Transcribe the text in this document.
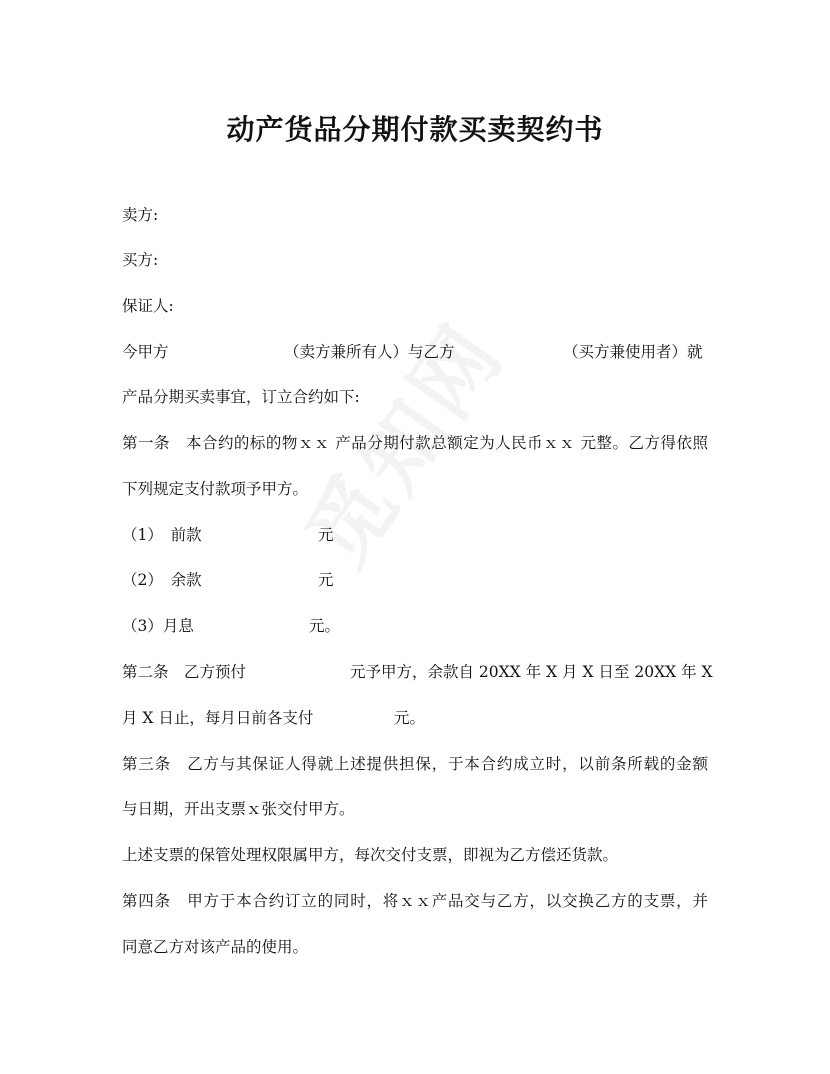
动产货品分期付款买卖契约书
卖方:
买方:
保证人:
今甲方	（卖方兼所有人）与乙方	（买方兼使用者）就
产品分期买卖事宜，订立合约如下:
第一条　本合约的标的物ｘｘ 产品分期付款总额定为人民币ｘｘ 元整。乙方得依照
下列规定支付款项予甲方。
（1）　前款	元
（2）　余款	元
（3）月息	元。
第二条　乙方预付	元予甲方，余款自 20XX 年 X 月 X 日至 20XX 年 X
月 X 日止，每月日前各支付	元。
第三条　乙方与其保证人得就上述提供担保，于本合约成立时，以前条所载的金额
与日期，开出支票ｘ张交付甲方。
上述支票的保管处理权限属甲方，每次交付支票，即视为乙方偿还货款。
第四条　甲方于本合约订立的同时，将ｘｘ产品交与乙方，以交换乙方的支票，并
同意乙方对该产品的使用。
